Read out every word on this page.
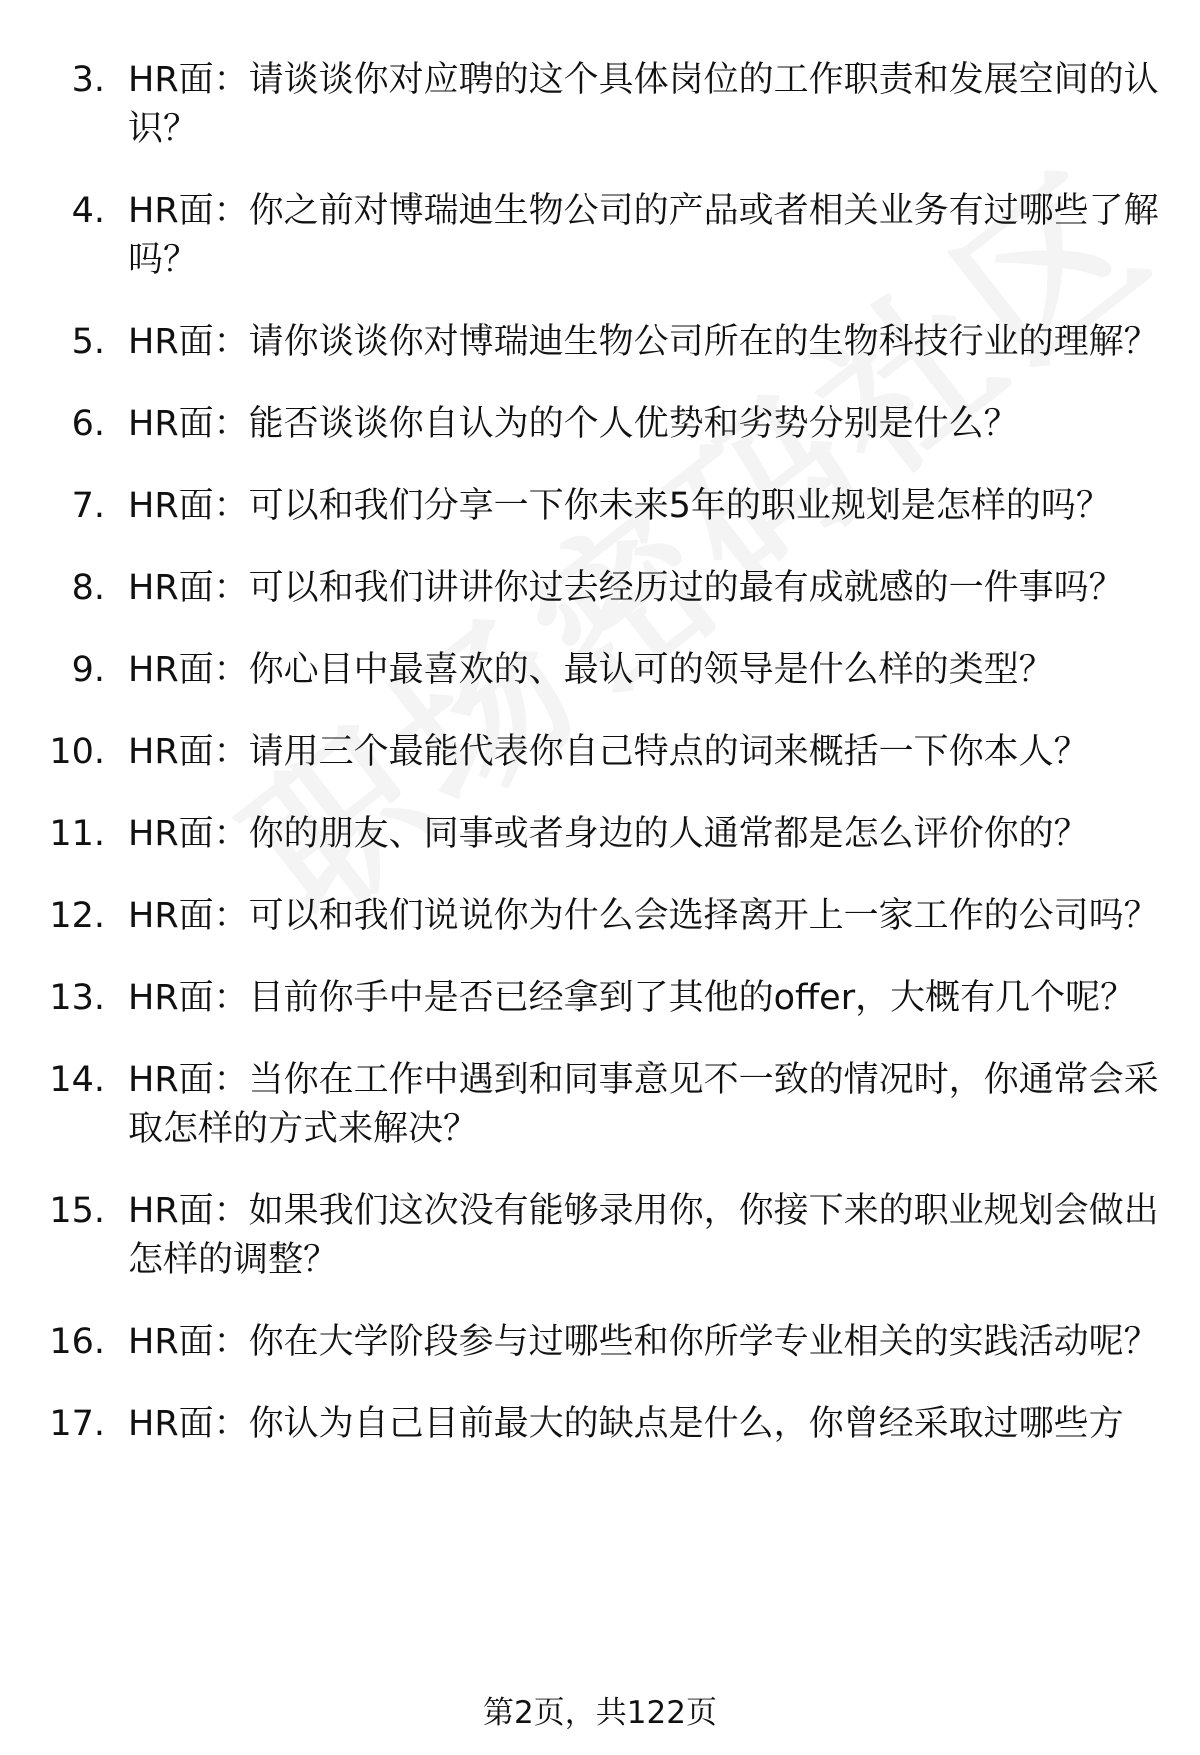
3. HR面：请谈谈你对应聘的这个具体岗位的工作职责和发展空间的认识？
4. HR面：你之前对博瑞迪生物公司的产品或者相关业务有过哪些了解吗？
5. HR面：请你谈谈你对博瑞迪生物公司所在的生物科技行业的理解？
6. HR面：能否谈谈你自认为的个人优势和劣势分别是什么？
7. HR面：可以和我们分享一下你未来5年的职业规划是怎样的吗？
8. HR面：可以和我们讲讲你过去经历过的最有成就感的一件事吗？
9. HR面：你心目中最喜欢的、最认可的领导是什么样的类型？
10. HR面：请用三个最能代表你自己特点的词来概括一下你本人？
11. HR面：你的朋友、同事或者身边的人通常都是怎么评价你的？
12. HR面：可以和我们说说你为什么会选择离开上一家工作的公司吗？
13. HR面：目前你手中是否已经拿到了其他的offer，大概有几个呢？
14. HR面：当你在工作中遇到和同事意见不一致的情况时，你通常会采取怎样的方式来解决？
15. HR面：如果我们这次没有能够录用你，你接下来的职业规划会做出怎样的调整？
16. HR面：你在大学阶段参与过哪些和你所学专业相关的实践活动呢？
17. HR面：你认为自己目前最大的缺点是什么，你曾经采取过哪些方
第2页，共122页
